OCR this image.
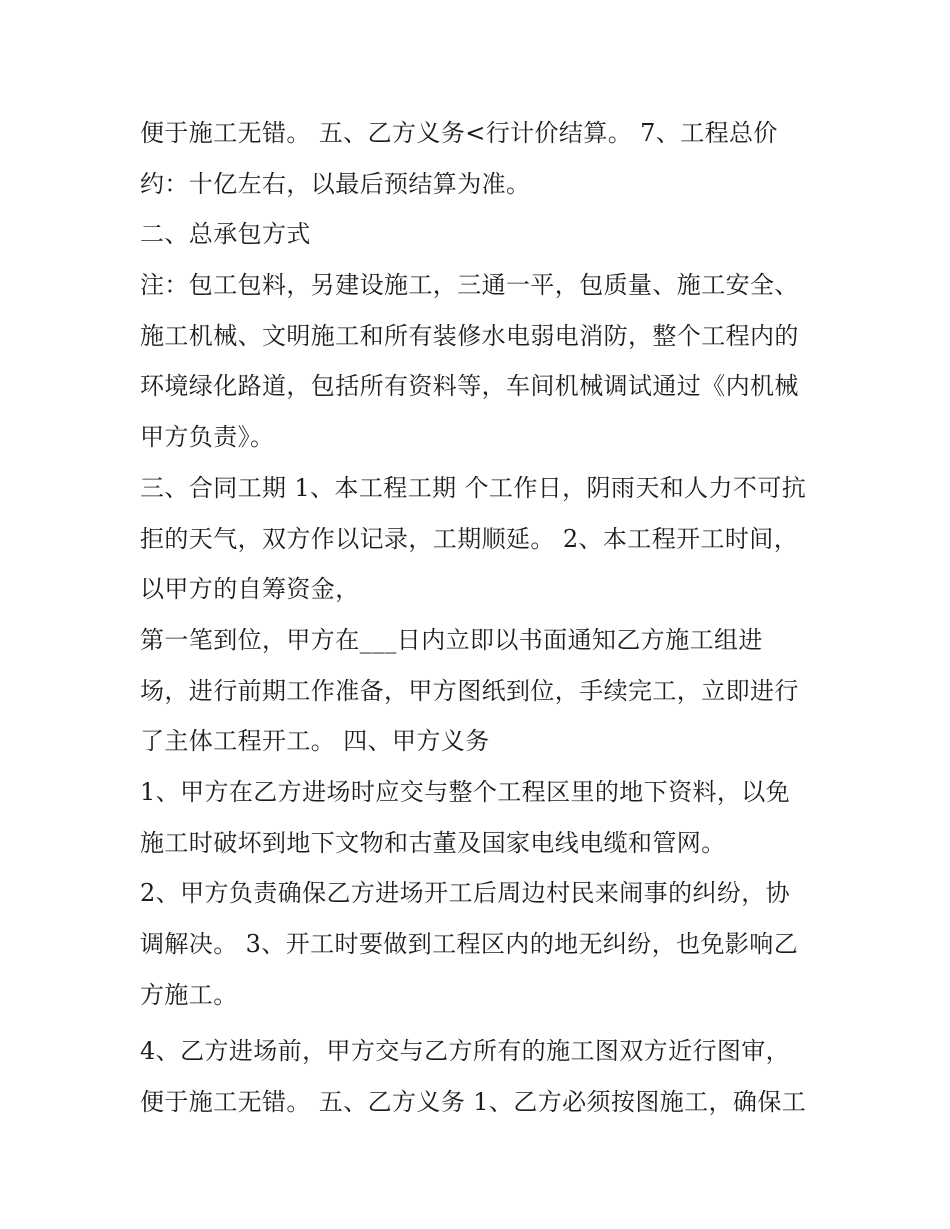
便于施工无错。 五、乙方义务<行计价结算。 7、工程总价
约：十亿左右，以最后预结算为准。
二、总承包方式
注：包工包料，另建设施工，三通一平，包质量、施工安全、
施工机械、文明施工和所有装修水电弱电消防，整个工程内的
环境绿化路道，包括所有资料等，车间机械调试通过《内机械
甲方负责》。
三、合同工期 1、本工程工期 个工作日，阴雨天和人力不可抗
拒的天气，双方作以记录，工期顺延。 2、本工程开工时间，
以甲方的自筹资金，
第一笔到位，甲方在___日内立即以书面通知乙方施工组进
场，进行前期工作准备，甲方图纸到位，手续完工，立即进行
了主体工程开工。 四、甲方义务
1、甲方在乙方进场时应交与整个工程区里的地下资料，以免
施工时破坏到地下文物和古董及国家电线电缆和管网。
2、甲方负责确保乙方进场开工后周边村民来闹事的纠纷，协
调解决。 3、开工时要做到工程区内的地无纠纷，也免影响乙
方施工。
4、乙方进场前，甲方交与乙方所有的施工图双方近行图审，
便于施工无错。 五、乙方义务 1、乙方必须按图施工，确保工
